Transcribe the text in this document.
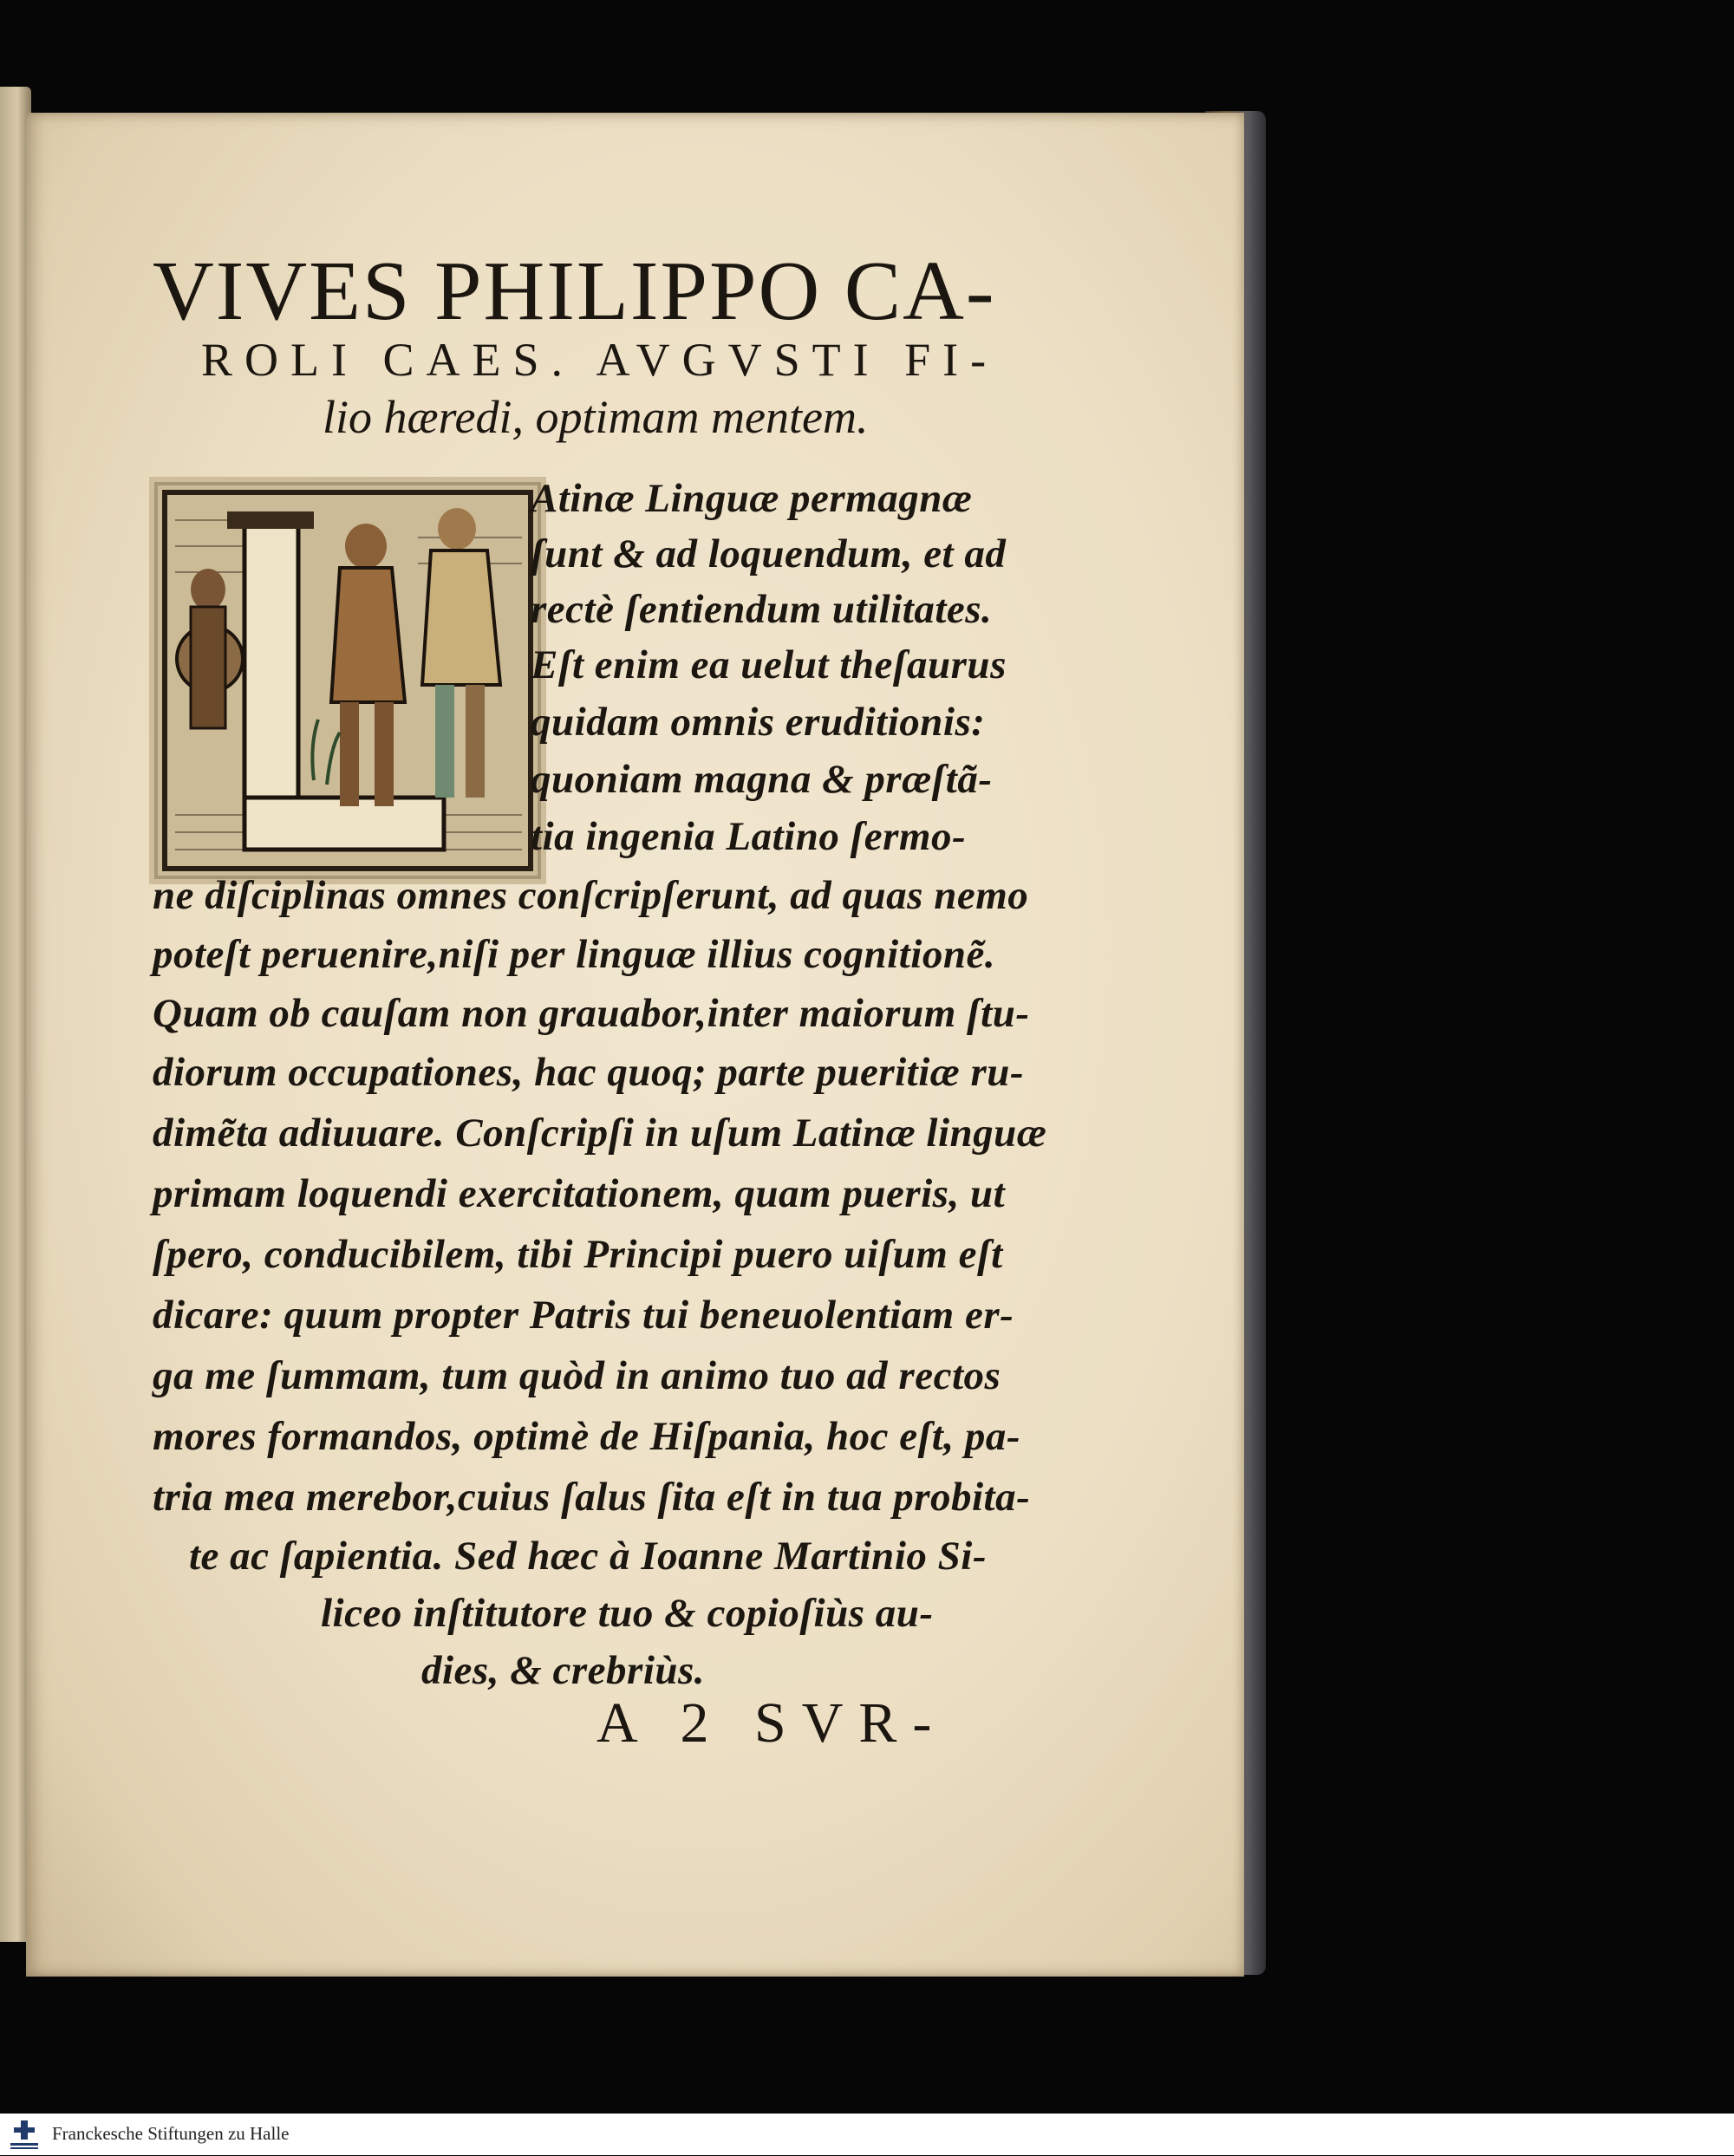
VIVES PHILIPPO CA-
ROLI CAES. AVGVSTI FI-
lio hæredi, optimam mentem.
Atinæ Linguæ permagnæ
ſunt & ad loquendum, et ad
rectè ſentiendum utilitates.
Eſt enim ea uelut theſaurus
quidam omnis eruditionis:
quoniam magna & præſtã-
tia ingenia Latino ſermo-
ne diſciplinas omnes conſcripſerunt, ad quas nemo
poteſt peruenire,niſi per linguæ illius cognitionẽ.
Quam ob cauſam non grauabor,inter maiorum ſtu-
diorum occupationes, hac quoq; parte pueritiæ ru-
dimẽta adiuuare. Conſcripſi in uſum Latinæ linguæ
primam loquendi exercitationem, quam pueris, ut
ſpero, conducibilem, tibi Principi puero uiſum eſt
dicare: quum propter Patris tui beneuolentiam er-
ga me ſummam, tum quòd in animo tuo ad rectos
mores formandos, optimè de Hiſpania, hoc eſt, pa-
tria mea merebor,cuius ſalus ſita eſt in tua probita-
te ac ſapientia. Sed hæc à Ioanne Martinio Si-
liceo inſtitutore tuo & copioſiùs au-
dies, & crebriùs.
A 2 SVR-
Franckesche Stiftungen zu Halle
